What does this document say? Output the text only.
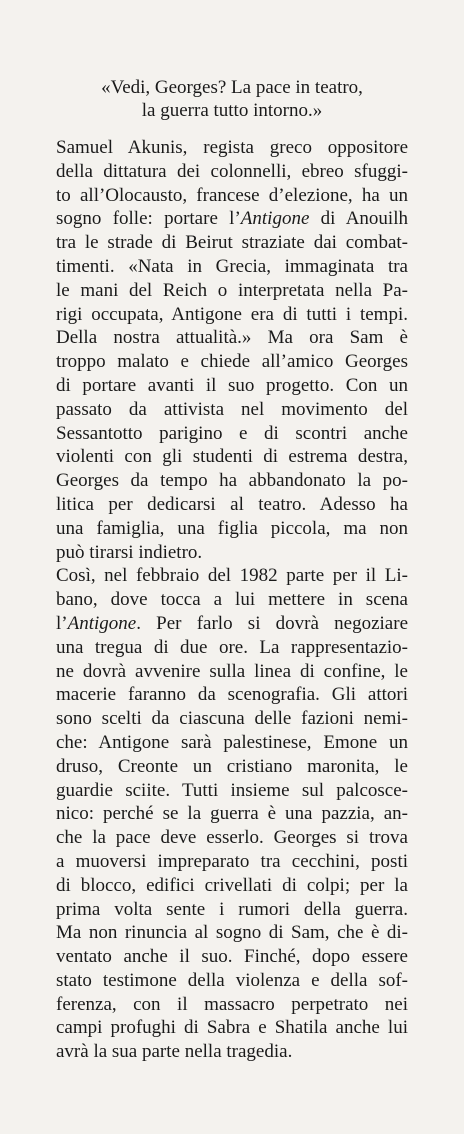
«Vedi, Georges? La pace in teatro,
la guerra tutto intorno.»
Samuel Akunis, regista greco oppositore
della dittatura dei colonnelli, ebreo sfuggi-
to all’Olocausto, francese d’elezione, ha un
sogno folle: portare l’Antigone di Anouilh
tra le strade di Beirut straziate dai combat-
timenti. «Nata in Grecia, immaginata tra
le mani del Reich o interpretata nella Pa-
rigi occupata, Antigone era di tutti i tempi.
Della nostra attualità.» Ma ora Sam è
troppo malato e chiede all’amico Georges
di portare avanti il suo progetto. Con un
passato da attivista nel movimento del
Sessantotto parigino e di scontri anche
violenti con gli studenti di estrema destra,
Georges da tempo ha abbandonato la po-
litica per dedicarsi al teatro. Adesso ha
una famiglia, una figlia piccola, ma non
può tirarsi indietro.
Così, nel febbraio del 1982 parte per il Li-
bano, dove tocca a lui mettere in scena
l’Antigone. Per farlo si dovrà negoziare
una tregua di due ore. La rappresentazio-
ne dovrà avvenire sulla linea di confine, le
macerie faranno da scenografia. Gli attori
sono scelti da ciascuna delle fazioni nemi-
che: Antigone sarà palestinese, Emone un
druso, Creonte un cristiano maronita, le
guardie sciite. Tutti insieme sul palcosce-
nico: perché se la guerra è una pazzia, an-
che la pace deve esserlo. Georges si trova
a muoversi impreparato tra cecchini, posti
di blocco, edifici crivellati di colpi; per la
prima volta sente i rumori della guerra.
Ma non rinuncia al sogno di Sam, che è di-
ventato anche il suo. Finché, dopo essere
stato testimone della violenza e della sof-
ferenza, con il massacro perpetrato nei
campi profughi di Sabra e Shatila anche lui
avrà la sua parte nella tragedia.
